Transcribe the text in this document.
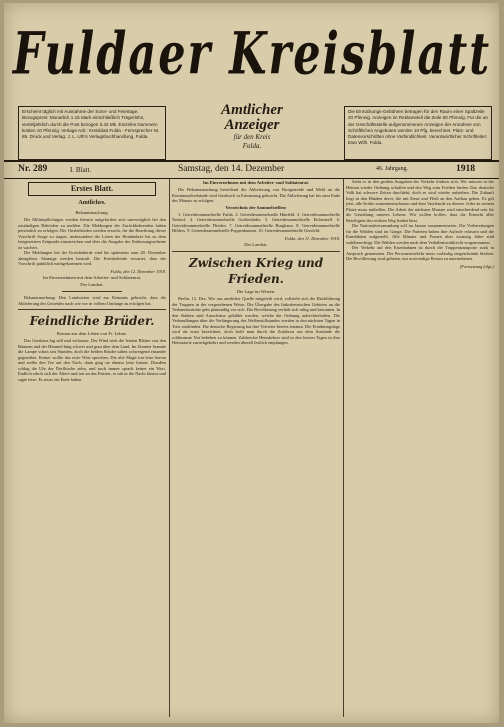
Fuldaer Kreisblatt
Erscheint täglich mit Ausnahme der Sonn- und Feiertage. Bezugspreis: Monatlich 1.15 Mark einschließlich Trägerlohn, vierteljährlich durch die Post bezogen 3.42 Mk. Einzelne Nummern kosten 10 Pfennig. Verlags-Adr.: Kreisblatt Fulda - Fernsprecher Nr. 85. Druck und Verlag: J. L. Uth's Verlagsbuchhandlung, Fulda.
Amtlicher
Anzeiger
für den Kreis
Fulda.
Die Einrückungs-Gebühren betragen für den Raum einer Spaltzeile 20 Pfennig. Anzeigen im Reklameteil die Zeile 60 Pfennig. Für die an der Geschäftsstelle aufgenommenen Anzeigen der Annahme von Schriftlichen Angeboten werden 10 Pfg. berechnet. Platz- und Datenvorschriften ohne Verbindlichkeit. Verantwortlicher Schriftleiter: Ewo Wilh. Fulda.
Nr. 289	I. Blatt.	Samstag, den 14. Dezember	46. Jahrgang.	1918
Erstes Blatt.
Amtliches.
Bekanntmachung.

Die Militärpflichtigen werden hiermit aufgefordert sich unverzüglich bei den zuständigen Behörden zu melden. Die Meldungen der Zurückkehrenden haben persönlich zu erfolgen. Die Ortsbehörden werden ersucht, für die Beachtung dieser Vorschrift Sorge zu tragen, insbesondere die Listen der Heimkehrer bis zu dem festgesetzten Zeitpunkt einzureichen und über die Ausgabe der Entlassungsscheine zu wachen.

Die Meldungen bei der Kreisbehörde sind bis spätestens zum 20. Dezember abzugeben. Säumige werden bestraft. Die Kreisbehörde erwartet, dass der Vorschrift pünktlich nachgekommen wird.

Fulda, den 12. Dezember 1918.
Im Einvernehmen mit dem Arbeiter- und Soldatenrat.
Der Landrat.

Bekanntmachung. Den Landwirten wird zur Kenntnis gebracht, dass die Ablieferung des Getreides nach wie vor in vollem Umfange zu erfolgen hat.

Feindliche Brüder.
Roman aus dem Leben von Fr. Lehne.

Das Gutshaus lag still und verlassen. Der Wind trieb die letzten Blätter von den Bäumen und der Himmel hing schwer und grau über dem Land. Im Zimmer brannte die Lampe schon seit Stunden, doch die beiden Brüder saßen schweigend einander gegenüber. Keiner wollte das erste Wort sprechen. Die alte Magd trat leise herein und stellte den Tee auf den Tisch, dann ging sie ebenso leise hinaus. Draußen schlug die Uhr der Dorfkirche zehn, und noch immer sprach keiner ein Wort. Endlich erhob sich der Ältere und trat an das Fenster, er sah in die Nacht hinaus und sagte leise: Es muss ein Ende haben.

Im Einvernehmen mit dem Arbeiter- und Soldatenrat.

Die Bekanntmachung betreffend die Ablieferung von Brotgetreide und Mehl an die Kommunalverbände wird hierdurch in Erinnerung gebracht. Die Ablieferung hat bis zum Ende des Monats zu erfolgen.

Verzeichnis der Sammelstellen:

1. Getreidesammelstelle Fulda. 2. Getreidesammelstelle Hünfeld. 3. Getreidesammelstelle Neuhof. 4. Getreidesammelstelle Großenlüder. 5. Getreidesammelstelle Eichenzell. 6. Getreidesammelstelle Flieden. 7. Getreidesammelstelle Burghaun. 8. Getreidesammelstelle Hilders. 9. Getreidesammelstelle Poppenhausen. 10. Getreidesammelstelle Gersfeld.

Fulda, den 11. Dezember 1918.
Der Landrat.
Zwischen Krieg und Frieden.
Die Lage im Westen.

Berlin, 13. Dez. Wie aus amtlicher Quelle mitgeteilt wird, vollzieht sich die Rückführung der Truppen in der vorgesehenen Weise. Die Übergabe des linksrheinischen Gebietes an die Verbandsmächte geht planmäßig vor sich. Die Bevölkerung verhält sich ruhig und besonnen. In den Städten sind Ausschüsse gebildet worden, welche die Ordnung aufrechterhalten. Die Verhandlungen über die Verlängerung des Waffenstillstandes werden in den nächsten Tagen in Trier stattfinden. Die deutsche Regierung hat ihre Vertreter bereits ernannt. Die Ernährungslage wird als ernst bezeichnet, doch hofft man durch die Zufuhren aus dem Auslande die schlimmste Not beheben zu können. Zahlreiche Heimkehrer sind in den letzten Tagen in ihre Heimatorte zurückgekehrt und werden überall festlich empfangen.

Steht er in den großen Ausgaben der Verkehr fördern sich. Wir müssen in der Heimat wieder Ordnung schaffen und den Weg zum Frieden finden. Das deutsche Volk hat schwere Zeiten durchlebt, doch es wird wieder aufstehen. Die Zukunft liegt in den Händen derer, die mit Ernst und Fleiß an den Aufbau gehen. Es gilt jetzt, alle Kräfte zusammenzufassen und dem Vaterlande zu dienen. Jeder an seinem Platze muss mithelfen. Die Arbeit der nächsten Monate wird entscheidend sein für die Gestaltung unseres Lebens. Wir wollen hoffen, dass die Einsicht aller Beteiligten den rechten Weg finden lässt.

Die Nationalversammlung soll im Januar zusammentreten. Die Vorbereitungen für die Wahlen sind im Gange. Die Parteien haben ihre Aufrufe erlassen und die Kandidaten aufgestellt. Alle Männer und Frauen über zwanzig Jahre sind wahlberechtigt. Die Wahlen werden nach dem Verhältniswahlrecht vorgenommen.

Der Verkehr auf den Eisenbahnen ist durch die Truppentransporte stark in Anspruch genommen. Der Personenverkehr muss vorläufig eingeschränkt bleiben. Die Bevölkerung wird gebeten, nur notwendige Reisen zu unternehmen.

(Fortsetzung folgt.)
